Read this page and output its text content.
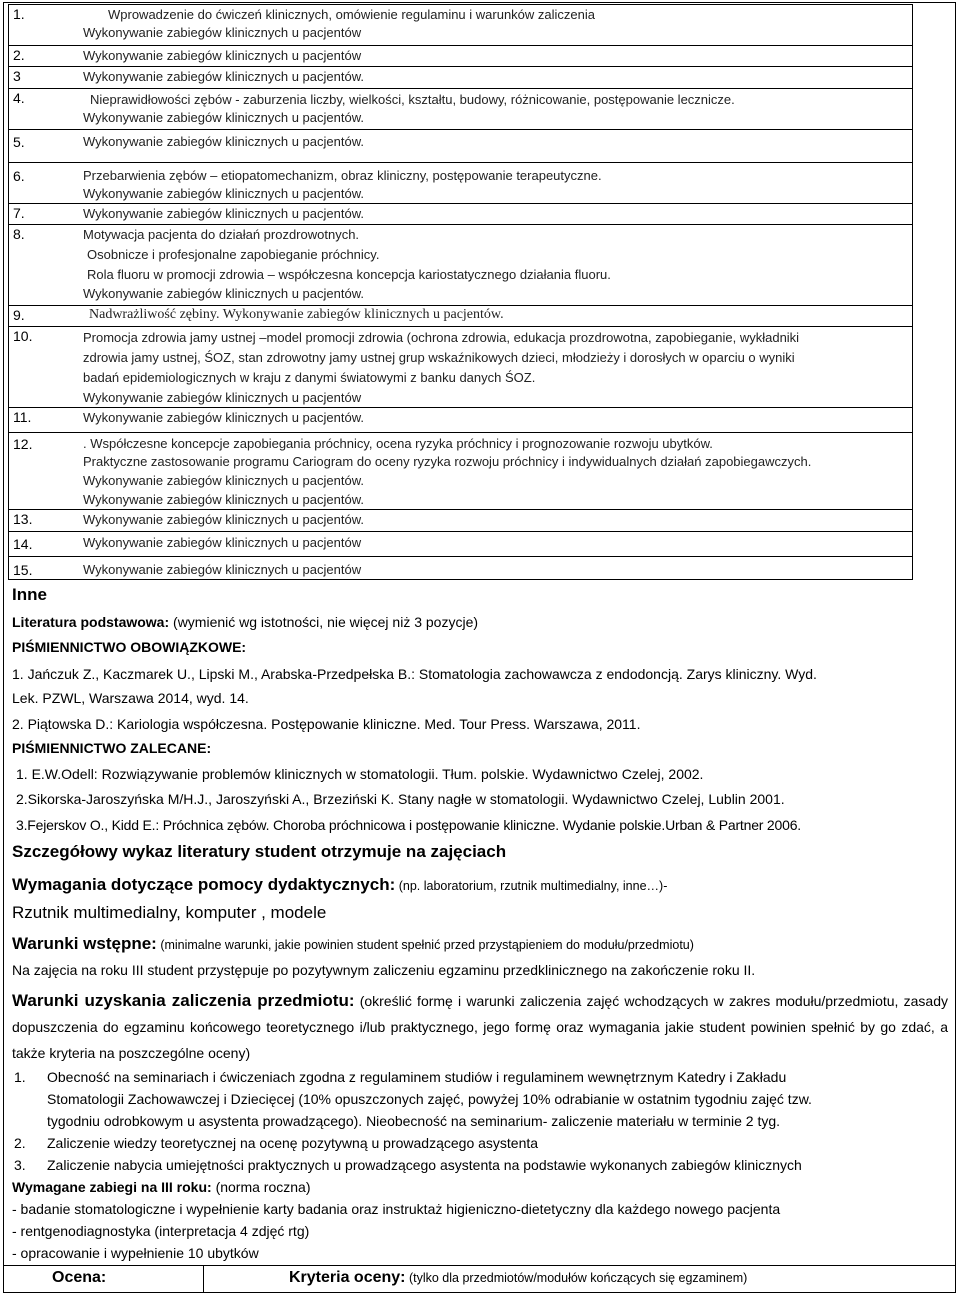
1.	Wprowadzenie do ćwiczeń klinicznych, omówienie regulaminu i warunków zaliczenia
Wykonywanie zabiegów klinicznych u pacjentów
2.	Wykonywanie zabiegów klinicznych u pacjentów
3	Wykonywanie zabiegów klinicznych u pacjentów.
4.	Nieprawidłowości zębów - zaburzenia liczby, wielkości, kształtu, budowy, różnicowanie, postępowanie lecznicze.
Wykonywanie zabiegów klinicznych u pacjentów.
5.	Wykonywanie zabiegów klinicznych u pacjentów.
6.	Przebarwienia zębów – etiopatomechanizm, obraz kliniczny, postępowanie terapeutyczne.
Wykonywanie zabiegów klinicznych u pacjentów.
7.	Wykonywanie zabiegów klinicznych u pacjentów.
8.	Motywacja pacjenta do działań prozdrowotnych.
Osobnicze i profesjonalne zapobieganie próchnicy.
Rola fluoru w promocji zdrowia – współczesna koncepcja kariostatycznego działania fluoru.
Wykonywanie zabiegów klinicznych u pacjentów.
9.	Nadwrażliwość zębiny. Wykonywanie zabiegów klinicznych u pacjentów.
10.	Promocja zdrowia jamy ustnej –model promocji zdrowia (ochrona zdrowia, edukacja prozdrowotna, zapobieganie, wykładniki
zdrowia jamy ustnej, ŚOZ, stan zdrowotny jamy ustnej grup wskaźnikowych dzieci, młodzieży i dorosłych w oparciu o wyniki
badań epidemiologicznych w kraju z danymi światowymi z banku danych ŚOZ.
Wykonywanie zabiegów klinicznych u pacjentów
11.	Wykonywanie zabiegów klinicznych u pacjentów.
12.	. Współczesne koncepcje zapobiegania próchnicy, ocena ryzyka próchnicy i prognozowanie rozwoju ubytków.
Praktyczne zastosowanie programu Cariogram do oceny ryzyka rozwoju próchnicy i indywidualnych działań zapobiegawczych.
Wykonywanie zabiegów klinicznych u pacjentów.
Wykonywanie zabiegów klinicznych u pacjentów.
13.	Wykonywanie zabiegów klinicznych u pacjentów.
14.	Wykonywanie zabiegów klinicznych u pacjentów
15.	Wykonywanie zabiegów klinicznych u pacjentów
Inne
Literatura podstawowa: (wymienić wg istotności, nie więcej niż 3 pozycje)
PIŚMIENNICTWO OBOWIĄZKOWE:
1. Jańczuk Z., Kaczmarek U., Lipski M., Arabska-Przedpełska B.: Stomatologia zachowawcza z endodoncją. Zarys kliniczny. Wyd.
Lek. PZWL, Warszawa 2014, wyd. 14.
2. Piątowska D.: Kariologia współczesna. Postępowanie kliniczne. Med. Tour Press. Warszawa, 2011.
PIŚMIENNICTWO ZALECANE:
1. E.W.Odell: Rozwiązywanie problemów klinicznych w stomatologii. Tłum. polskie. Wydawnictwo Czelej, 2002.
2.Sikorska-Jaroszyńska M/H.J., Jaroszyński A., Brzeziński K. Stany nagłe w stomatologii. Wydawnictwo Czelej, Lublin 2001.
3.Fejerskov O., Kidd E.: Próchnica zębów. Choroba próchnicowa i postępowanie kliniczne. Wydanie polskie.Urban & Partner 2006.
Szczegółowy wykaz literatury student otrzymuje na zajęciach
Wymagania dotyczące pomocy dydaktycznych: (np. laboratorium, rzutnik multimedialny, inne…)-
Rzutnik multimedialny, komputer , modele
Warunki wstępne: (minimalne warunki, jakie powinien student spełnić przed przystąpieniem do modułu/przedmiotu)
Na zajęcia na roku III student przystępuje po pozytywnym zaliczeniu egzaminu przedklinicznego na zakończenie roku II.
Warunki uzyskania zaliczenia przedmiotu: (określić formę i warunki zaliczenia zajęć wchodzących w zakres modułu/przedmiotu, zasady dopuszczenia do egzaminu końcowego teoretycznego i/lub praktycznego, jego formę oraz wymagania jakie student powinien spełnić by go zdać, a także kryteria na poszczególne oceny)
1. Obecność na seminariach i ćwiczeniach zgodna z regulaminem studiów i regulaminem wewnętrznym Katedry i Zakładu
Stomatologii Zachowawczej i Dziecięcej (10% opuszczonych zajęć, powyżej 10% odrabianie w ostatnim tygodniu zajęć tzw.
tygodniu odrobkowym u asystenta prowadzącego). Nieobecność na seminarium- zaliczenie materiału w terminie 2 tyg.
2. Zaliczenie wiedzy teoretycznej na ocenę pozytywną u prowadzącego asystenta
3. Zaliczenie nabycia umiejętności praktycznych u prowadzącego asystenta na podstawie wykonanych zabiegów klinicznych
Wymagane zabiegi na III roku: (norma roczna)
- badanie stomatologiczne i wypełnienie karty badania oraz instruktaż higieniczno-dietetyczny dla każdego nowego pacjenta
- rentgenodiagnostyka (interpretacja 4 zdjęć rtg)
- opracowanie i wypełnienie 10 ubytków
Ocena:	Kryteria oceny: (tylko dla przedmiotów/modułów kończących się egzaminem)
